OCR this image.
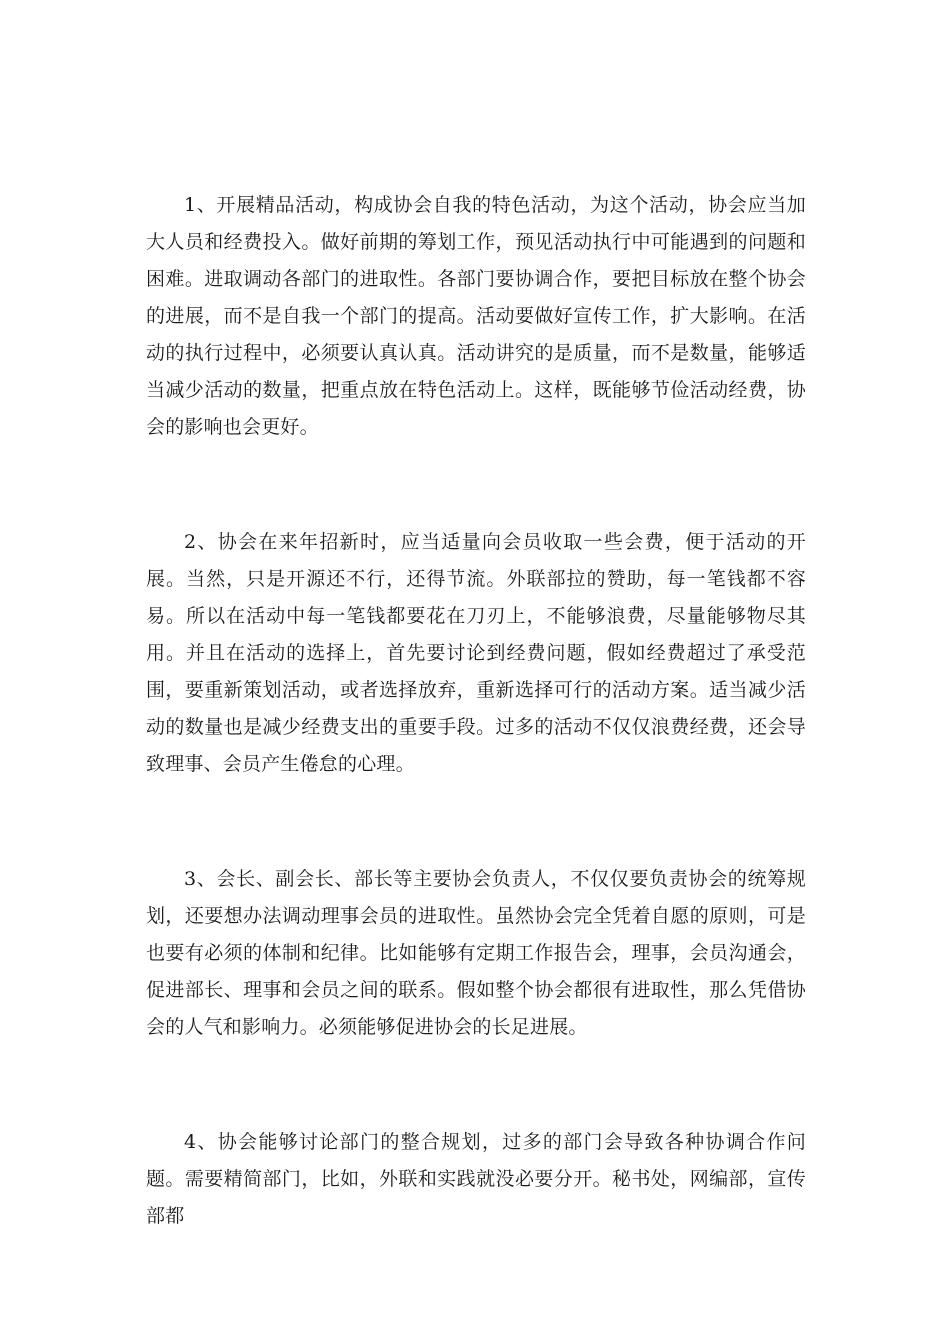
1、开展精品活动，构成协会自我的特色活动，为这个活动，协会应当加大人员和经费投入。做好前期的筹划工作，预见活动执行中可能遇到的问题和困难。进取调动各部门的进取性。各部门要协调合作，要把目标放在整个协会的进展，而不是自我一个部门的提高。活动要做好宣传工作，扩大影响。在活动的执行过程中，必须要认真认真。活动讲究的是质量，而不是数量，能够适当减少活动的数量，把重点放在特色活动上。这样，既能够节俭活动经费，协会的影响也会更好。

2、协会在来年招新时，应当适量向会员收取一些会费，便于活动的开展。当然，只是开源还不行，还得节流。外联部拉的赞助，每一笔钱都不容易。所以在活动中每一笔钱都要花在刀刃上，不能够浪费，尽量能够物尽其用。并且在活动的选择上，首先要讨论到经费问题，假如经费超过了承受范围，要重新策划活动，或者选择放弃，重新选择可行的活动方案。适当减少活动的数量也是减少经费支出的重要手段。过多的活动不仅仅浪费经费，还会导致理事、会员产生倦怠的心理。

3、会长、副会长、部长等主要协会负责人，不仅仅要负责协会的统筹规划，还要想办法调动理事会员的进取性。虽然协会完全凭着自愿的原则，可是也要有必须的体制和纪律。比如能够有定期工作报告会，理事，会员沟通会，促进部长、理事和会员之间的联系。假如整个协会都很有进取性，那么凭借协会的人气和影响力。必须能够促进协会的长足进展。

4、协会能够讨论部门的整合规划，过多的部门会导致各种协调合作问题。需要精简部门，比如，外联和实践就没必要分开。秘书处，网编部，宣传部都
